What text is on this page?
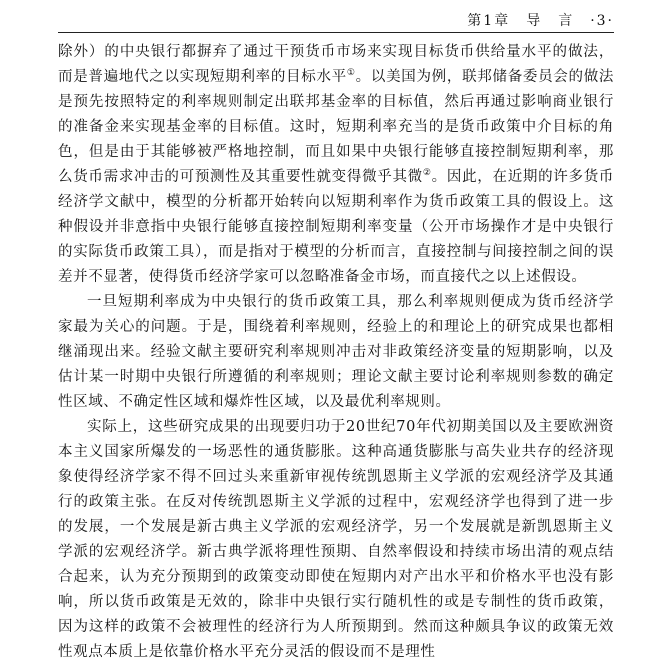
第1章　导　言　·3·

除外）的中央银行都摒弃了通过干预货币市场来实现目标货币供给量水平的做法，而是普遍地代之以实现短期利率的目标水平①。以美国为例，联邦储备委员会的做法是预先按照特定的利率规则制定出联邦基金率的目标值，然后再通过影响商业银行的准备金来实现基金率的目标值。这时，短期利率充当的是货币政策中介目标的角色，但是由于其能够被严格地控制，而且如果中央银行能够直接控制短期利率，那么货币需求冲击的可预测性及其重要性就变得微乎其微②。因此，在近期的许多货币经济学文献中，模型的分析都开始转向以短期利率作为货币政策工具的假设上。这种假设并非意指中央银行能够直接控制短期利率变量（公开市场操作才是中央银行的实际货币政策工具），而是指对于模型的分析而言，直接控制与间接控制之间的误差并不显著，使得货币经济学家可以忽略准备金市场，而直接代之以上述假设。

一旦短期利率成为中央银行的货币政策工具，那么利率规则便成为货币经济学家最为关心的问题。于是，围绕着利率规则，经验上的和理论上的研究成果也都相继涌现出来。经验文献主要研究利率规则冲击对非政策经济变量的短期影响，以及估计某一时期中央银行所遵循的利率规则；理论文献主要讨论利率规则参数的确定性区域、不确定性区域和爆炸性区域，以及最优利率规则。

实际上，这些研究成果的出现要归功于20世纪70年代初期美国以及主要欧洲资本主义国家所爆发的一场恶性的通货膨胀。这种高通货膨胀与高失业共存的经济现象使得经济学家不得不回过头来重新审视传统凯恩斯主义学派的宏观经济学及其通行的政策主张。在反对传统凯恩斯主义学派的过程中，宏观经济学也得到了进一步的发展，一个发展是新古典主义学派的宏观经济学，另一个发展就是新凯恩斯主义学派的宏观经济学。新古典学派将理性预期、自然率假设和持续市场出清的观点结合起来，认为充分预期到的政策变动即使在短期内对产出水平和价格水平也没有影响，所以货币政策是无效的，除非中央银行实行随机性的或是专制性的货币政策，因为这样的政策不会被理性的经济行为人所预期到。然而这种颇具争议的政策无效性观点本质上是依靠价格水平充分灵活的假设而不是理性
